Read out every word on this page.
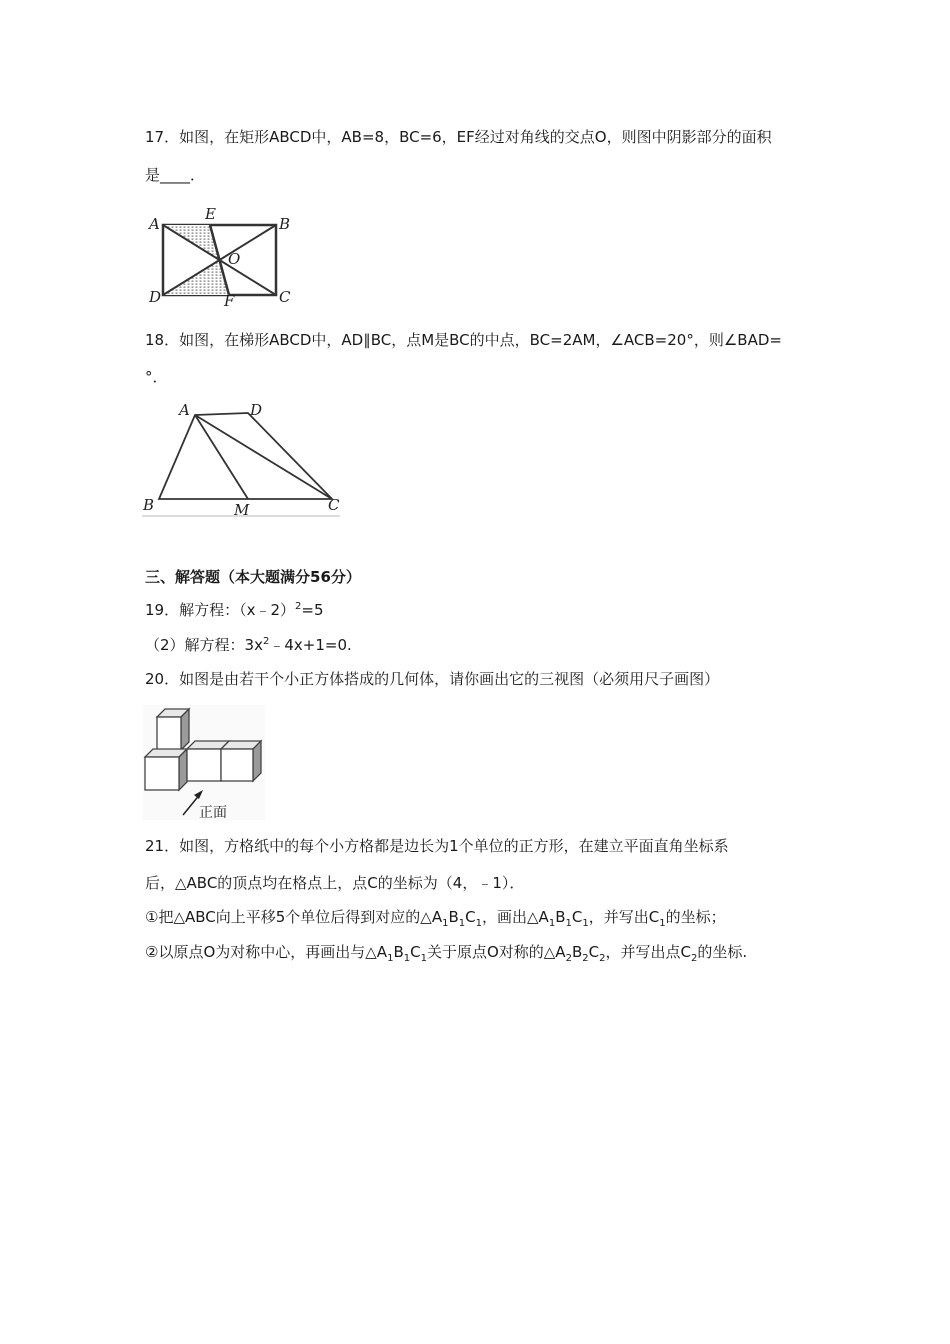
17．如图，在矩形ABCD中，AB=8，BC=6，EF经过对角线的交点O，则图中阴影部分的面积
是____．
A
E
B
O
D	F	C
18．如图，在梯形ABCD中，AD∥BC，点M是BC的中点，BC=2AM，∠ACB=20°，则∠BAD=
°．
A	D
B	M	C
三、解答题（本大题满分56分）
19．解方程：（x﹣2）$^2$=5
（2）解方程：$3x^2﹣4x+1=0$.
20．如图是由若干个小正方体搭成的几何体，请你画出它的三视图（必须用尺子画图）
正面
21．如图，方格纸中的每个小方格都是边长为1个单位的正方形，在建立平面直角坐标系
后，△ABC的顶点均在格点上，点C的坐标为（4，﹣1）．
①把△ABC向上平移5个单位后得到对应的$\triangle A_1B_1C_1$，画出$\triangle A_1B_1C_1$，并写出$C_1$的坐标；
②以原点O为对称中心，再画出与$\triangle A_1B_1C_1$关于原点O对称的$\triangle A_2B_2C_2$，并写出点$C_2$的坐标.
